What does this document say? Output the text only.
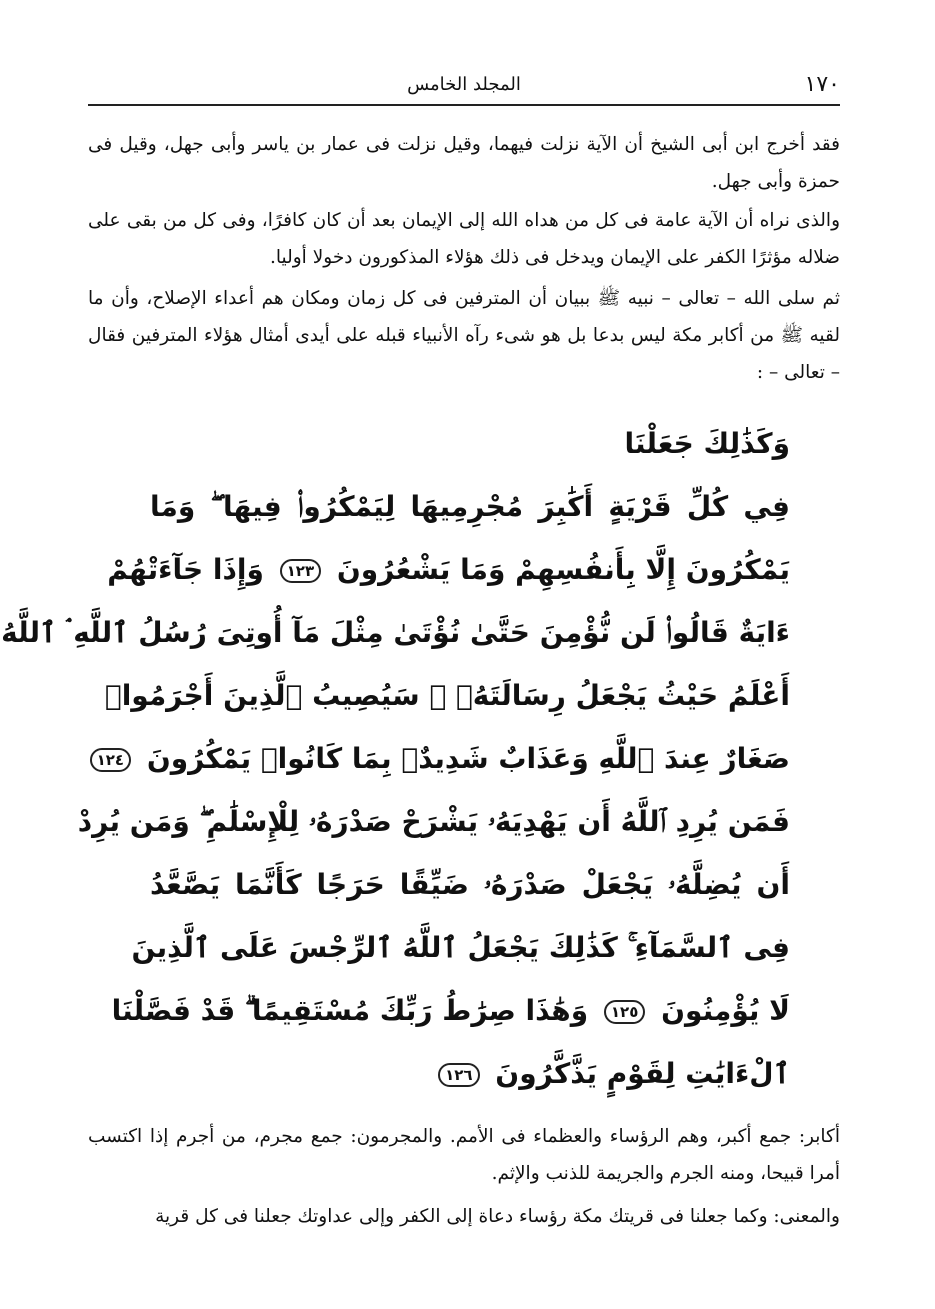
١٧٠
المجلد الخامس

فقد أخرج ابن أبى الشيخ أن الآية نزلت فيهما، وقيل نزلت فى عمار بن ياسر وأبى جهل، وقيل فى حمزة وأبى جهل.

والذى نراه أن الآية عامة فى كل من هداه الله إلى الإيمان بعد أن كان كافرًا، وفى كل من بقى على ضلاله مؤثرًا الكفر على الإيمان ويدخل فى ذلك هؤلاء المذكورون دخولا أوليا.

ثم سلى الله – تعالى – نبيه ﷺ ببيان أن المترفين فى كل زمان ومكان هم أعداء الإصلاح، وأن ما لقيه ﷺ من أكابر مكة ليس بدعا بل هو شىء رآه الأنبياء قبله على أيدى أمثال هؤلاء المترفين فقال – تعالى – :

وَكَذَٰلِكَ جَعَلْنَا
فِي كُلِّ قَرْيَةٍ أَكَٰبِرَ مُجْرِمِيهَا لِيَمْكُرُوا۟ فِيهَا ۖ وَمَا
يَمْكُرُونَ إِلَّا بِأَنفُسِهِمْ وَمَا يَشْعُرُونَ ١٢٣ وَإِذَا جَآءَتْهُمْ
ءَايَةٌ قَالُوا۟ لَن نُّؤْمِنَ حَتَّىٰ نُؤْتَىٰ مِثْلَ مَآ أُوتِىَ رُسُلُ ٱللَّهِ ۘ ٱللَّهُ
أَعْلَمُ حَيْثُ يَجْعَلُ رِسَالَتَهُۥ ۗ سَيُصِيبُ ٱلَّذِينَ أَجْرَمُوا۟
صَغَارٌ عِندَ ٱللَّهِ وَعَذَابٌ شَدِيدٌۢ بِمَا كَانُوا۟ يَمْكُرُونَ ١٢٤
فَمَن يُرِدِ ٱللَّهُ أَن يَهْدِيَهُۥ يَشْرَحْ صَدْرَهُۥ لِلْإِسْلَٰمِ ۖ وَمَن يُرِدْ
أَن يُضِلَّهُۥ يَجْعَلْ صَدْرَهُۥ ضَيِّقًا حَرَجًا كَأَنَّمَا يَصَّعَّدُ
فِى ٱلسَّمَآءِ ۚ كَذَٰلِكَ يَجْعَلُ ٱللَّهُ ٱلرِّجْسَ عَلَى ٱلَّذِينَ
لَا يُؤْمِنُونَ ١٢٥ وَهَٰذَا صِرَٰطُ رَبِّكَ مُسْتَقِيمًا ۗ قَدْ فَصَّلْنَا
ٱلْءَايَٰتِ لِقَوْمٍ يَذَّكَّرُونَ ١٢٦

أكابر: جمع أكبر، وهم الرؤساء والعظماء فى الأمم. والمجرمون: جمع مجرم، من أجرم إذا اكتسب أمرا قبيحا، ومنه الجرم والجريمة للذنب والإثم.

والمعنى: وكما جعلنا فى قريتك مكة رؤساء دعاة إلى الكفر وإلى عداوتك جعلنا فى كل قرية
